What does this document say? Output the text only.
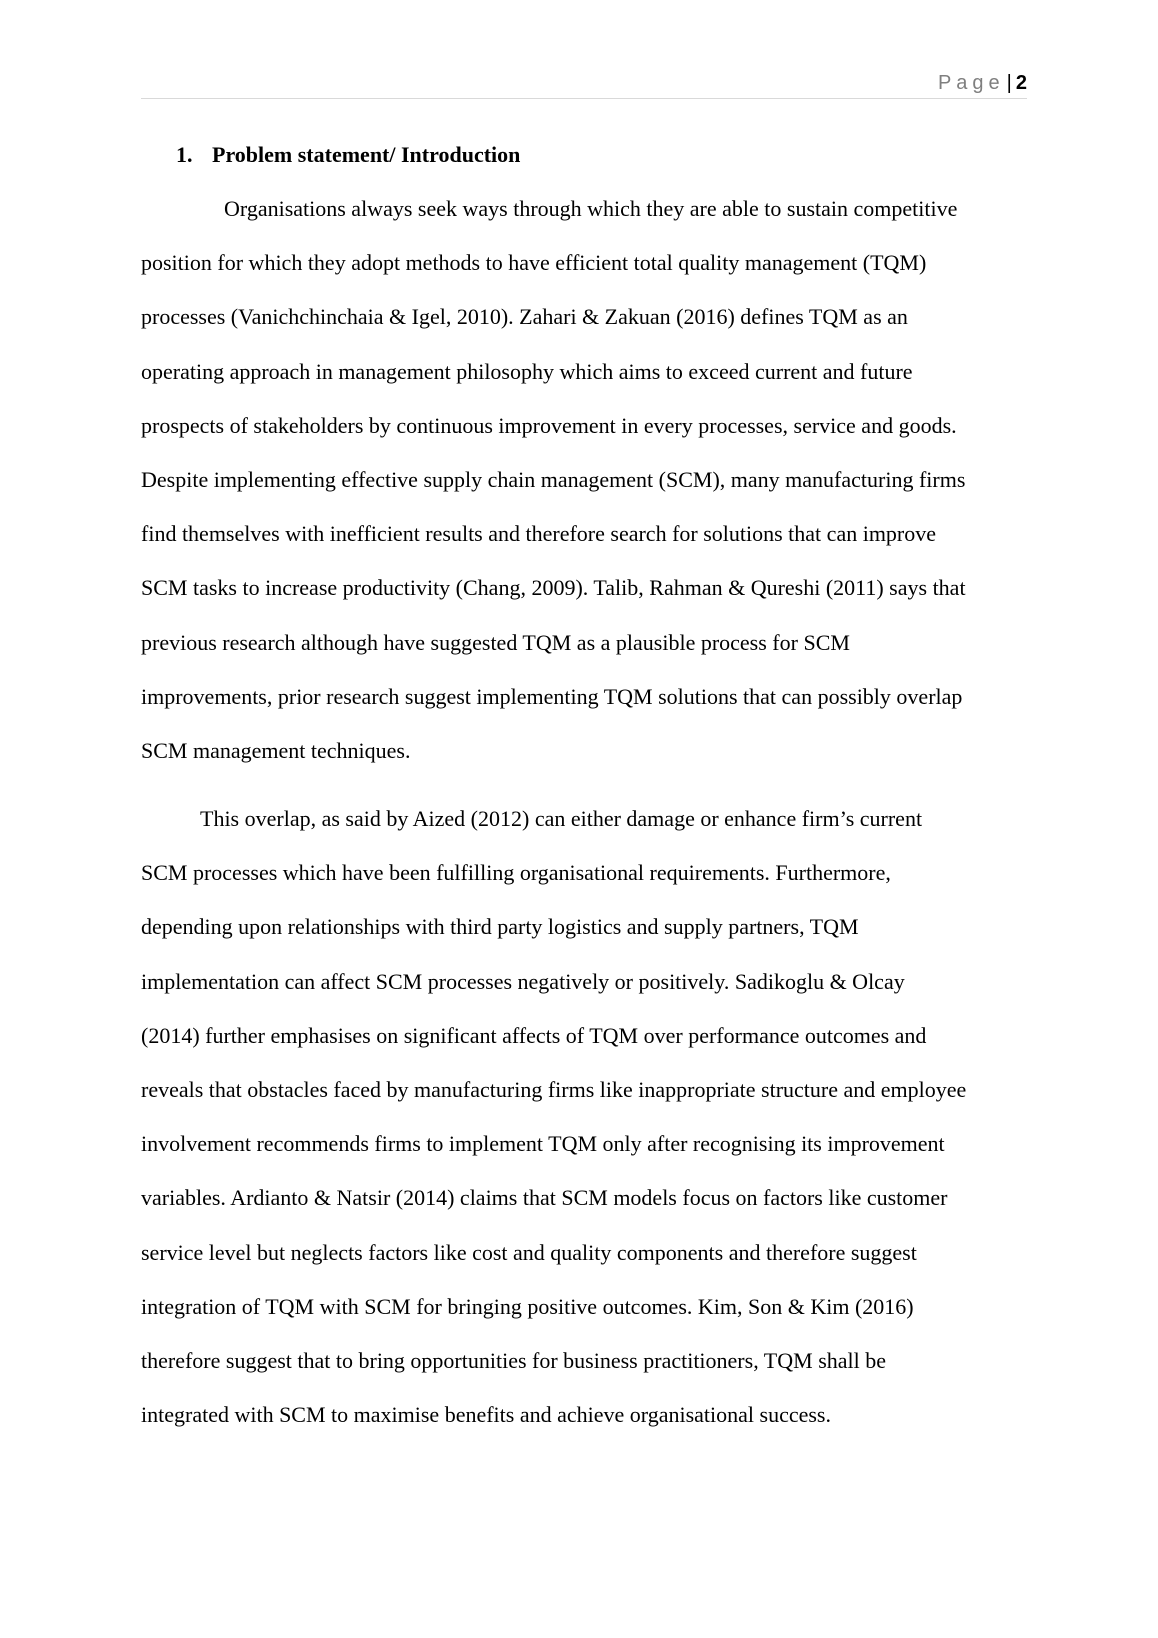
Page | 2
1. Problem statement/ Introduction
Organisations always seek ways through which they are able to sustain competitive
position for which they adopt methods to have efficient total quality management (TQM)
processes (Vanichchinchaia & Igel, 2010). Zahari & Zakuan (2016) defines TQM as an
operating approach in management philosophy which aims to exceed current and future
prospects of stakeholders by continuous improvement in every processes, service and goods.
Despite implementing effective supply chain management (SCM), many manufacturing firms
find themselves with inefficient results and therefore search for solutions that can improve
SCM tasks to increase productivity (Chang, 2009). Talib, Rahman & Qureshi (2011) says that
previous research although have suggested TQM as a plausible process for SCM
improvements, prior research suggest implementing TQM solutions that can possibly overlap
SCM management techniques.
This overlap, as said by Aized (2012) can either damage or enhance firm’s current
SCM processes which have been fulfilling organisational requirements. Furthermore,
depending upon relationships with third party logistics and supply partners, TQM
implementation can affect SCM processes negatively or positively. Sadikoglu & Olcay
(2014) further emphasises on significant affects of TQM over performance outcomes and
reveals that obstacles faced by manufacturing firms like inappropriate structure and employee
involvement recommends firms to implement TQM only after recognising its improvement
variables. Ardianto & Natsir (2014) claims that SCM models focus on factors like customer
service level but neglects factors like cost and quality components and therefore suggest
integration of TQM with SCM for bringing positive outcomes. Kim, Son & Kim (2016)
therefore suggest that to bring opportunities for business practitioners, TQM shall be
integrated with SCM to maximise benefits and achieve organisational success.
